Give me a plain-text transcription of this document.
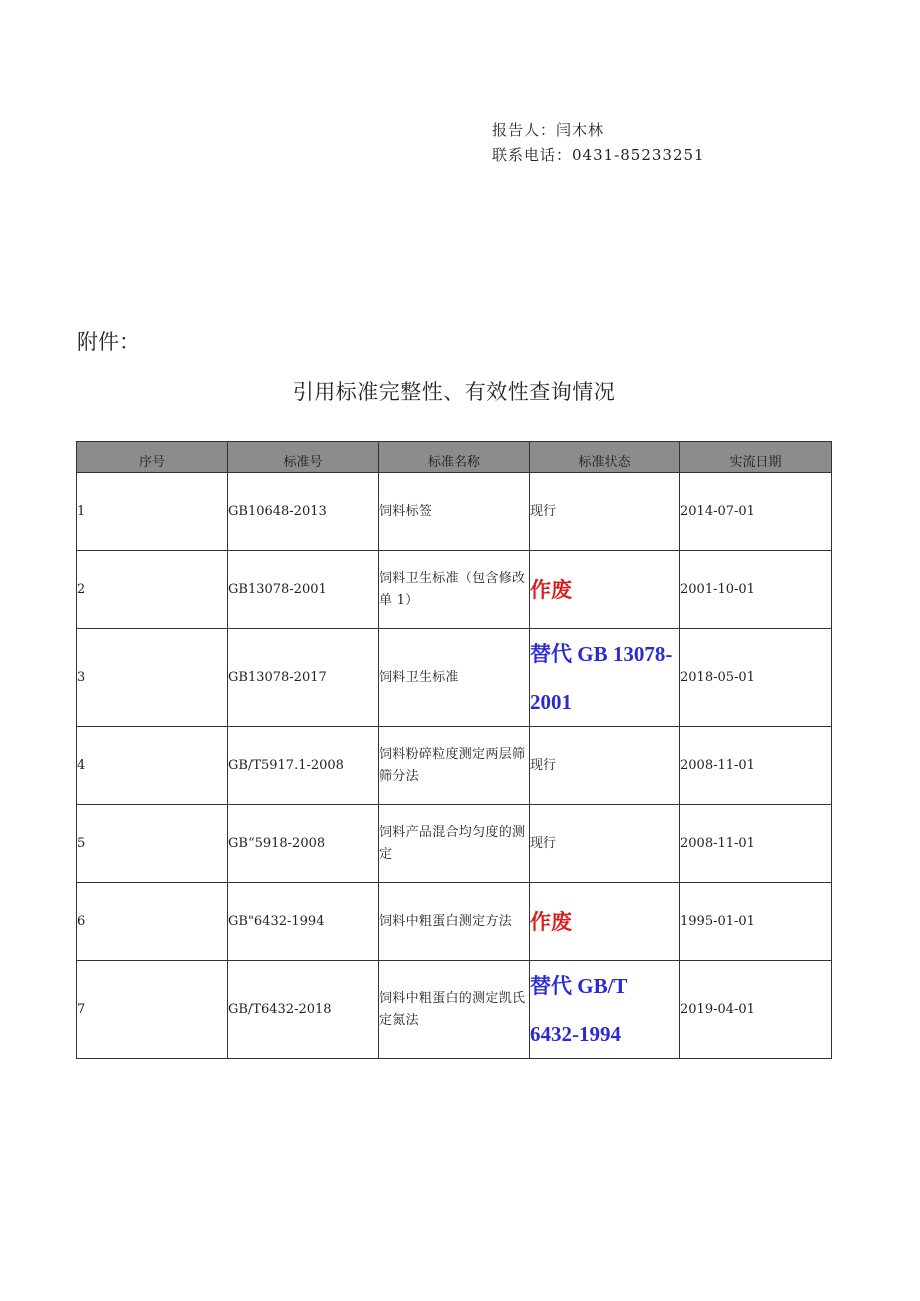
报告人：闫木林
联系电话：0431-85233251
附件：
引用标准完整性、有效性查询情况
序号	标准号	标准名称	标准状态	实流日期
1	GB10648-2013	饲料标签	现行	2014-07-01
2	GB13078-2001	饲料卫生标准（包含修改单 1）	作废	2001-10-01
3	GB13078-2017	饲料卫生标准	替代 GB 13078-2001	2018-05-01
4	GB/T5917.1-2008	饲料粉碎粒度测定两层筛筛分法	现行	2008-11-01
5	GB“5918-2008	饲料产品混合均匀度的测定	现行	2008-11-01
6	GB"6432-1994	饲料中粗蛋白测定方法	作废	1995-01-01
7	GB/T6432-2018	饲料中粗蛋白的测定凯氏定氮法	替代 GB/T 6432-1994	2019-04-01
